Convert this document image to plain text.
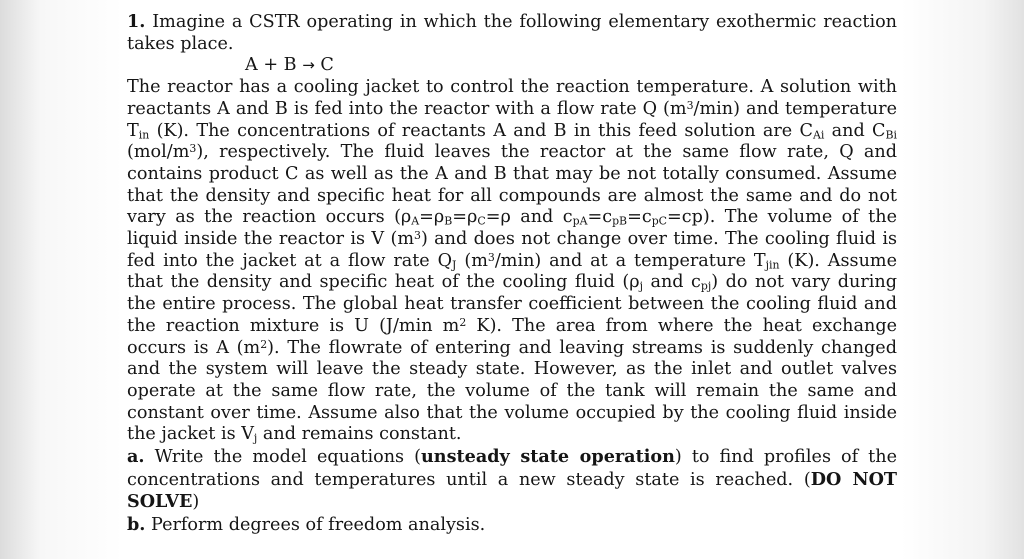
1. Imagine a CSTR operating in which the following elementary exothermic reaction takes place.

A + B → C

The reactor has a cooling jacket to control the reaction temperature. A solution with reactants A and B is fed into the reactor with a flow rate Q $(m^3/\min)$ and temperature $T_{in}$ (K). The concentrations of reactants A and B in this feed solution are $C_{Ai}$ and $C_{Bi}$ $(mol/m^3)$, respectively. The fluid leaves the reactor at the same flow rate, Q and contains product C as well as the A and B that may be not totally consumed. Assume that the density and specific heat for all compounds are almost the same and do not vary as the reaction occurs ($\rho_A=\rho_B=\rho_C=\rho$ and $c_{pA}=c_{pB}=c_{pC}=cp$). The volume of the liquid inside the reactor is V $(m^3)$ and does not change over time. The cooling fluid is fed into the jacket at a flow rate $Q_J$ $(m^3/\min)$ and at a temperature $T_{jin}$ (K). Assume that the density and specific heat of the cooling fluid ($\rho_j$ and $c_{pj}$) do not vary during the entire process. The global heat transfer coefficient between the cooling fluid and the reaction mixture is U (J/min $m^2$ K). The area from where the heat exchange occurs is A $(m^2)$. The flowrate of entering and leaving streams is suddenly changed and the system will leave the steady state. However, as the inlet and outlet valves operate at the same flow rate, the volume of the tank will remain the same and constant over time. Assume also that the volume occupied by the cooling fluid inside the jacket is $V_j$ and remains constant.

a. Write the model equations (unsteady state operation) to find profiles of the concentrations and temperatures until a new steady state is reached. (DO NOT SOLVE)

b. Perform degrees of freedom analysis.
